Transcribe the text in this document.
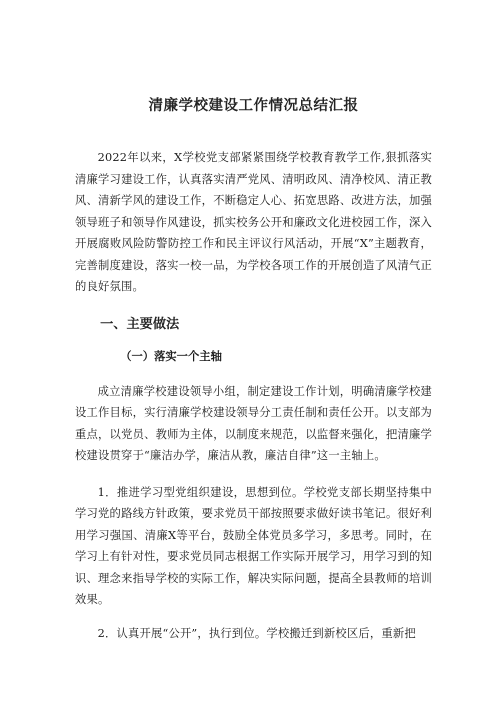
清廉学校建设工作情况总结汇报

2022年以来，X学校党支部紧紧围绕学校教育教学工作,狠抓落实清廉学习建设工作，认真落实清严党风、清明政风、清净校风、清正教风、清新学风的建设工作，不断稳定人心、拓宽思路、改进方法，加强领导班子和领导作风建设，抓实校务公开和廉政文化进校园工作，深入开展腐败风险防警防控工作和民主评议行风活动，开展“X”主题教育，完善制度建设，落实一校一品，为学校各项工作的开展创造了风清气正的良好氛围。

一、主要做法
（一）落实一个主轴

成立清廉学校建设领导小组，制定建设工作计划，明确清廉学校建设工作目标，实行清廉学校建设领导分工责任制和责任公开。以支部为重点，以党员、教师为主体，以制度来规范，以监督来强化，把清廉学校建设贯穿于“廉洁办学，廉洁从教，廉洁自律”这一主轴上。

1．推进学习型党组织建设，思想到位。学校党支部长期坚持集中学习党的路线方针政策，要求党员干部按照要求做好读书笔记。很好利用学习强国、清廉X等平台，鼓励全体党员多学习，多思考。同时，在学习上有针对性，要求党员同志根据工作实际开展学习，用学习到的知识、理念来指导学校的实际工作，解决实际问题，提高全县教师的培训效果。

2．认真开展“公开”，执行到位。学校搬迁到新校区后，重新把
